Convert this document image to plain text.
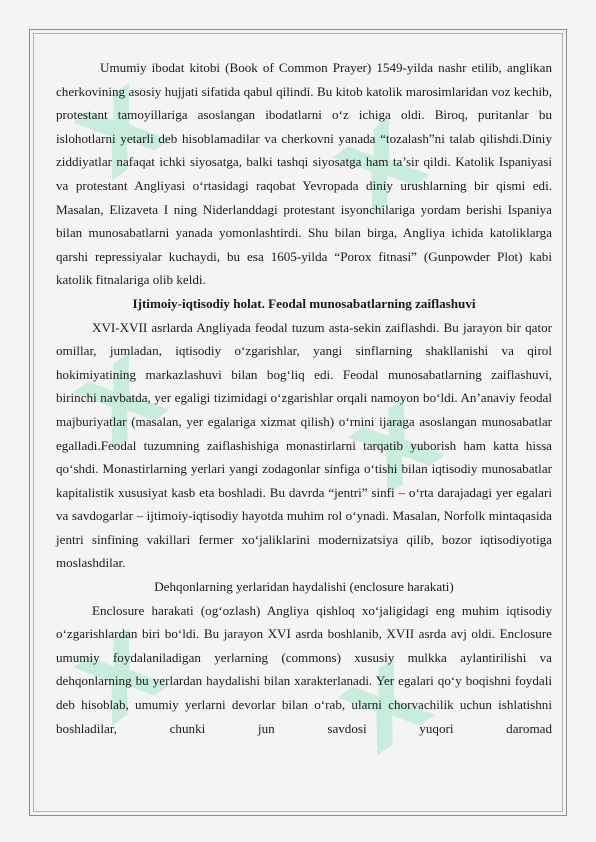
X X
X X
X X

Umumiy ibodat kitobi (Book of Common Prayer) 1549-yilda nashr etilib, anglikan cherkovining asosiy hujjati sifatida qabul qilindi. Bu kitob katolik marosimlaridan voz kechib, protestant tamoyillariga asoslangan ibodatlarni o‘z ichiga oldi. Biroq, puritanlar bu islohotlarni yetarli deb hisoblamadilar va cherkovni yanada “tozalash”ni talab qilishdi.Diniy ziddiyatlar nafaqat ichki siyosatga, balki tashqi siyosatga ham ta’sir qildi. Katolik Ispaniyasi va protestant Angliyasi o‘rtasidagi raqobat Yevropada diniy urushlarning bir qismi edi. Masalan, Elizaveta I ning Niderlanddagi protestant isyonchilariga yordam berishi Ispaniya bilan munosabatlarni yanada yomonlashtirdi. Shu bilan birga, Angliya ichida katoliklarga qarshi repressiyalar kuchaydi, bu esa 1605-yilda “Porox fitnasi” (Gunpowder Plot) kabi katolik fitnalariga olib keldi.

Ijtimoiy-iqtisodiy holat. Feodal munosabatlarning zaiflashuvi

XVI-XVII asrlarda Angliyada feodal tuzum asta-sekin zaiflashdi. Bu jarayon bir qator omillar, jumladan, iqtisodiy o‘zgarishlar, yangi sinflarning shakllanishi va qirol hokimiyatining markazlashuvi bilan bog‘liq edi. Feodal munosabatlarning zaiflashuvi, birinchi navbatda, yer egaligi tizimidagi o‘zgarishlar orqali namoyon bo‘ldi. An’anaviy feodal majburiyatlar (masalan, yer egalariga xizmat qilish) o‘rnini ijaraga asoslangan munosabatlar egalladi.Feodal tuzumning zaiflashishiga monastirlarni tarqatib yuborish ham katta hissa qo‘shdi. Monastirlarning yerlari yangi zodagonlar sinfiga o‘tishi bilan iqtisodiy munosabatlar kapitalistik xususiyat kasb eta boshladi. Bu davrda “jentri” sinfi – o‘rta darajadagi yer egalari va savdogarlar – ijtimoiy-iqtisodiy hayotda muhim rol o‘ynadi. Masalan, Norfolk mintaqasida jentri sinfining vakillari fermer xo‘jaliklarini modernizatsiya qilib, bozor iqtisodiyotiga moslashdilar.

Dehqonlarning yerlaridan haydalishi (enclosure harakati)

Enclosure harakati (og‘ozlash) Angliya qishloq xo‘jaligidagi eng muhim iqtisodiy o‘zgarishlardan biri bo‘ldi. Bu jarayon XVI asrda boshlanib, XVII asrda avj oldi. Enclosure umumiy foydalaniladigan yerlarning (commons) xususiy mulkka aylantirilishi va dehqonlarning bu yerlardan haydalishi bilan xarakterlanadi. Yer egalari qo‘y boqishni foydali deb hisoblab, umumiy yerlarni devorlar bilan o‘rab, ularni chorvachilik uchun ishlatishni boshladilar, chunki jun savdosi yuqori daromad
